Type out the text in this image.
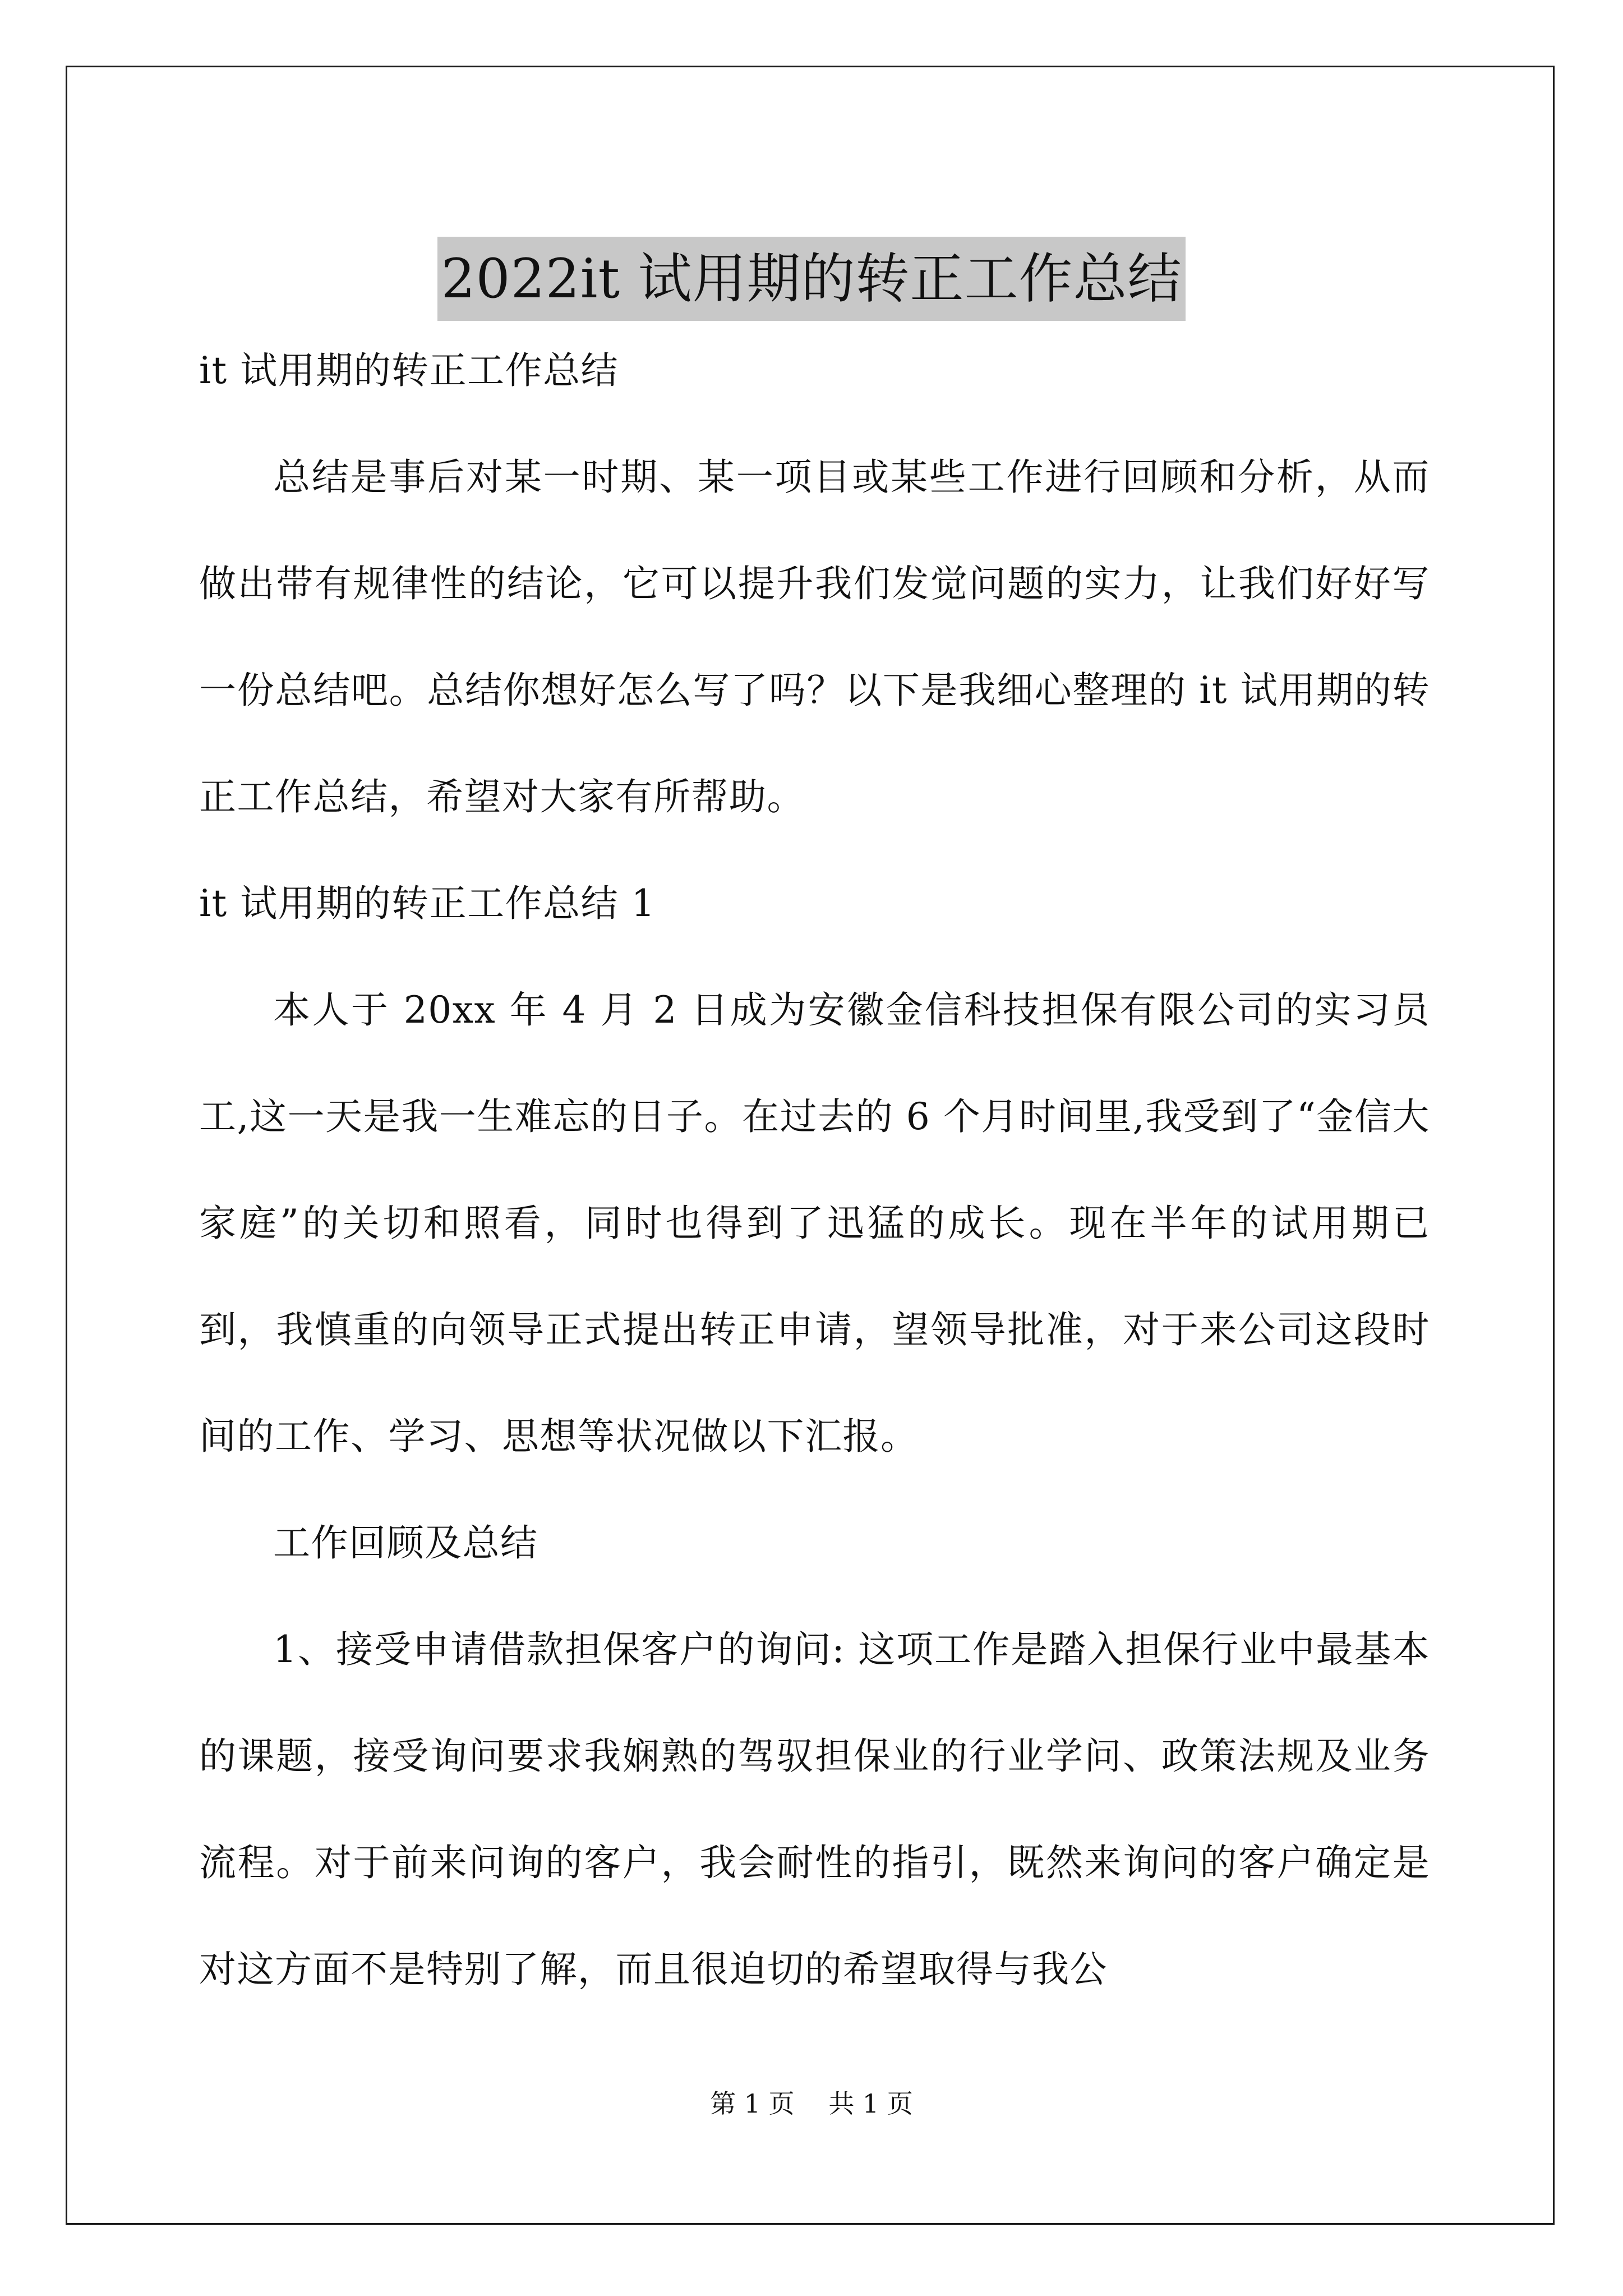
2022it 试用期的转正工作总结

it 试用期的转正工作总结

总结是事后对某一时期、某一项目或某些工作进行回顾和分析，从而做出带有规律性的结论，它可以提升我们发觉问题的实力，让我们好好写一份总结吧。总结你想好怎么写了吗？以下是我细心整理的 it 试用期的转正工作总结，希望对大家有所帮助。

it 试用期的转正工作总结 1

本人于 20xx 年 4 月 2 日成为安徽金信科技担保有限公司的实习员工,这一天是我一生难忘的日子。在过去的 6 个月时间里,我受到了“金信大家庭”的关切和照看，同时也得到了迅猛的成长。现在半年的试用期已到，我慎重的向领导正式提出转正申请，望领导批准，对于来公司这段时间的工作、学习、思想等状况做以下汇报。

工作回顾及总结

1、接受申请借款担保客户的询问: 这项工作是踏入担保行业中最基本的课题，接受询问要求我娴熟的驾驭担保业的行业学问、政策法规及业务流程。对于前来问询的客户，我会耐性的指引，既然来询问的客户确定是对这方面不是特别了解，而且很迫切的希望取得与我公

第 1 页 共 1 页
